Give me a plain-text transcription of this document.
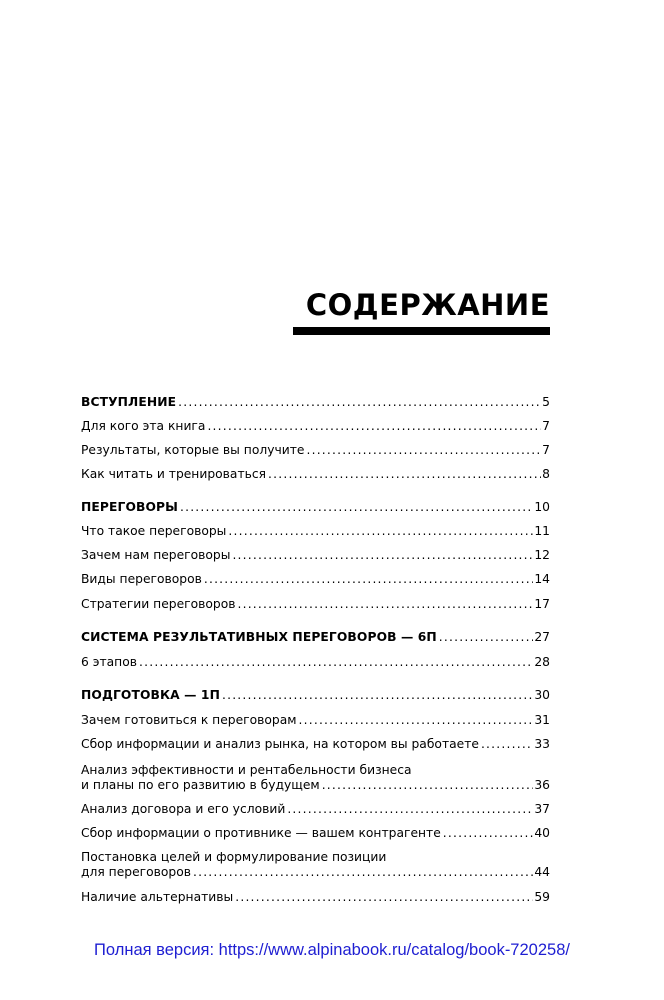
СОДЕРЖАНИЕ
ВСТУПЛЕНИЕ .....	5
Для кого эта книга .....	7
Результаты, которые вы получите .....	7
Как читать и тренироваться .....	8
ПЕРЕГОВОРЫ .....	10
Что такое переговоры .....	11
Зачем нам переговоры .....	12
Виды переговоров .....	14
Стратегии переговоров .....	17
СИСТЕМА РЕЗУЛЬТАТИВНЫХ ПЕРЕГОВОРОВ — 6П .....	27
6 этапов .....	28
ПОДГОТОВКА — 1П .....	30
Зачем готовиться к переговорам .....	31
Сбор информации и анализ рынка, на котором вы работаете .....	33
Анализ эффективности и рентабельности бизнеса
и планы по его развитию в будущем .....	36
Анализ договора и его условий .....	37
Сбор информации о противнике — вашем контрагенте .....	40
Постановка целей и формулирование позиции
для переговоров .....	44
Наличие альтернативы .....	59
Полная версия: https://www.alpinabook.ru/catalog/book-720258/
